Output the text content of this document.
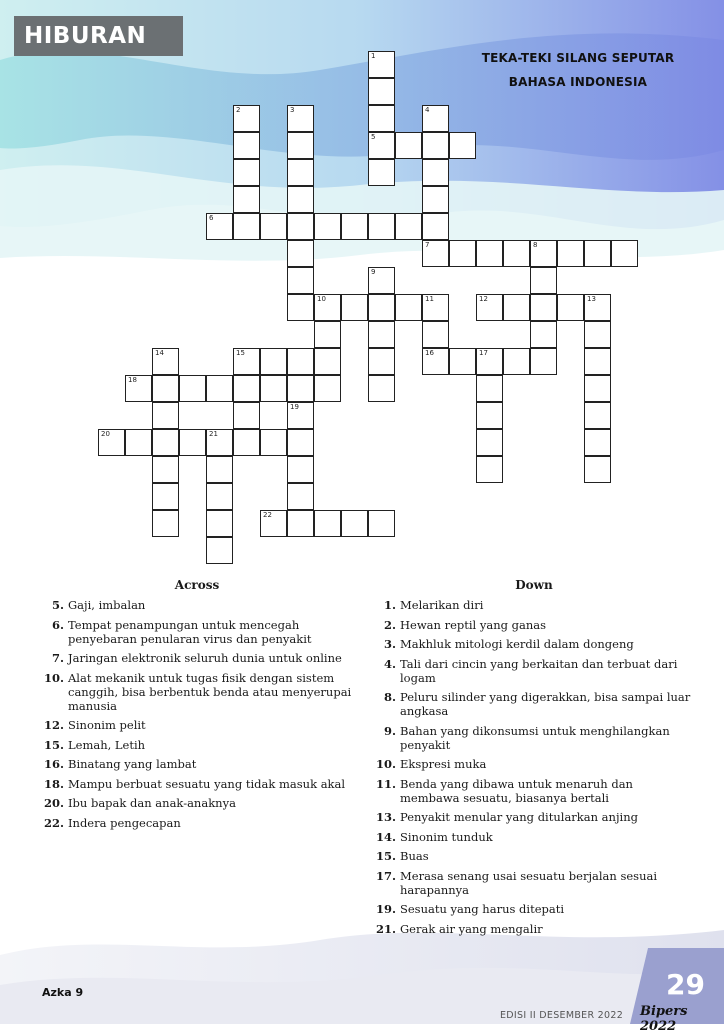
HIBURAN
TEKA-TEKI SILANG SEPUTAR
BAHASA INDONESIA
1
5
2	3	4
6
7	8
9
10	11
16
12	13
14	15	17
18
19
20	21
22
Across
5. Gaji, imbalan
6. Tempat penampungan untuk mencegah penyebaran penularan virus dan penyakit
7. Jaringan elektronik seluruh dunia untuk online
10. Alat mekanik untuk tugas fisik dengan sistem canggih, bisa berbentuk benda atau menyerupai manusia
12. Sinonim pelit
15. Lemah, Letih
16. Binatang yang lambat
18. Mampu berbuat sesuatu yang tidak masuk akal
20. Ibu bapak dan anak-anaknya
22. Indera pengecapan
Down
1. Melarikan diri
2. Hewan reptil yang ganas
3. Makhluk mitologi kerdil dalam dongeng
4. Tali dari cincin yang berkaitan dan terbuat dari logam
8. Peluru silinder yang digerakkan, bisa sampai luar angkasa
9. Bahan yang dikonsumsi untuk menghilangkan penyakit
10. Ekspresi muka
11. Benda yang dibawa untuk menaruh dan membawa sesuatu, biasanya bertali
13. Penyakit menular yang ditularkan anjing
14. Sinonim tunduk
15. Buas
17. Merasa senang usai sesuatu berjalan sesuai harapannya
19. Sesuatu yang harus ditepati
21. Gerak air yang mengalir
Azka 9
EDISI II DESEMBER 2022
29
Bipers 2022
